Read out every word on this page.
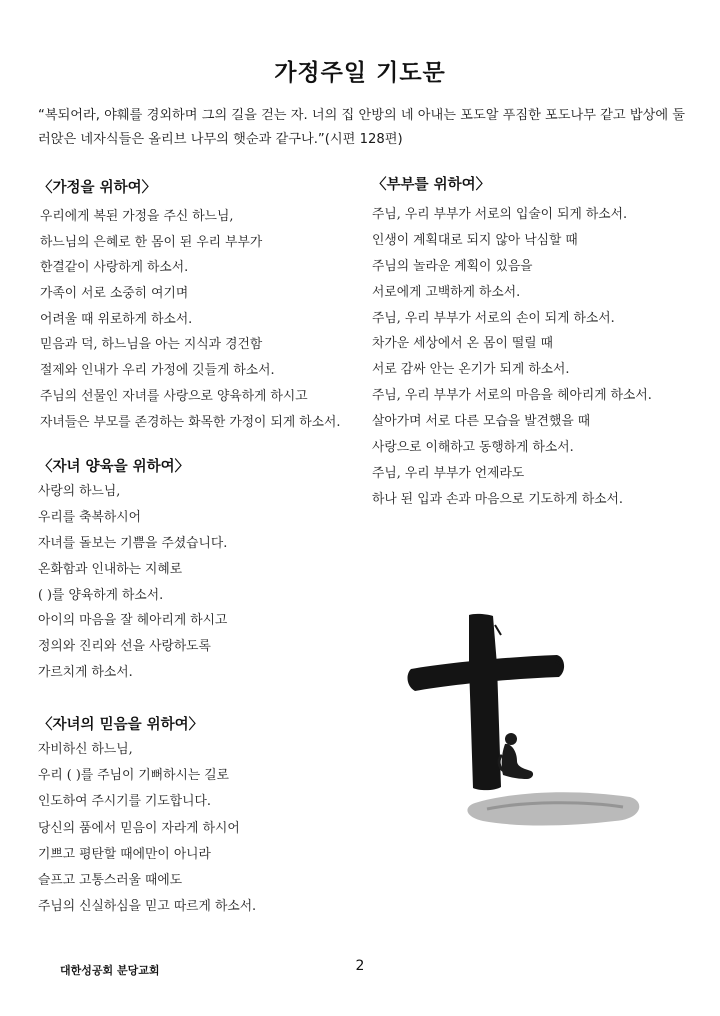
가정주일 기도문
“복되어라, 야훼를 경외하며 그의 길을 걷는 자. 너의 집 안방의 네 아내는 포도알 푸짐한 포도나무 같고 밥상에 둘러앉은 네자식들은 올리브 나무의 햇순과 같구나.”(시편 128편)
〈가정을 위하여〉
우리에게 복된 가정을 주신 하느님,
하느님의 은혜로 한 몸이 된 우리 부부가
한결같이 사랑하게 하소서.
가족이 서로 소중히 여기며
어려울 때 위로하게 하소서.
믿음과 덕, 하느님을 아는 지식과 경건함
절제와 인내가 우리 가정에 깃들게 하소서.
주님의 선물인 자녀를 사랑으로 양육하게 하시고
자녀들은 부모를 존경하는 화목한 가정이 되게 하소서.
〈자녀 양육을 위하여〉
사랑의 하느님,
우리를 축복하시어
자녀를 돌보는 기쁨을 주셨습니다.
온화함과 인내하는 지혜로
( )를 양육하게 하소서.
아이의 마음을 잘 헤아리게 하시고
정의와 진리와 선을 사랑하도록
가르치게 하소서.
〈자녀의 믿음을 위하여〉
자비하신 하느님,
우리 ( )를 주님이 기뻐하시는 길로
인도하여 주시기를 기도합니다.
당신의 품에서 믿음이 자라게 하시어
기쁘고 평탄할 때에만이 아니라
슬프고 고통스러울 때에도
주님의 신실하심을 믿고 따르게 하소서.
〈부부를 위하여〉
주님, 우리 부부가 서로의 입술이 되게 하소서.
인생이 계획대로 되지 않아 낙심할 때
주님의 놀라운 계획이 있음을
서로에게 고백하게 하소서.
주님, 우리 부부가 서로의 손이 되게 하소서.
차가운 세상에서 온 몸이 떨릴 때
서로 감싸 안는 온기가 되게 하소서.
주님, 우리 부부가 서로의 마음을 헤아리게 하소서.
살아가며 서로 다른 모습을 발견했을 때
사랑으로 이해하고 동행하게 하소서.
주님, 우리 부부가 언제라도
하나 된 입과 손과 마음으로 기도하게 하소서.
대한성공회 분당교회	2
